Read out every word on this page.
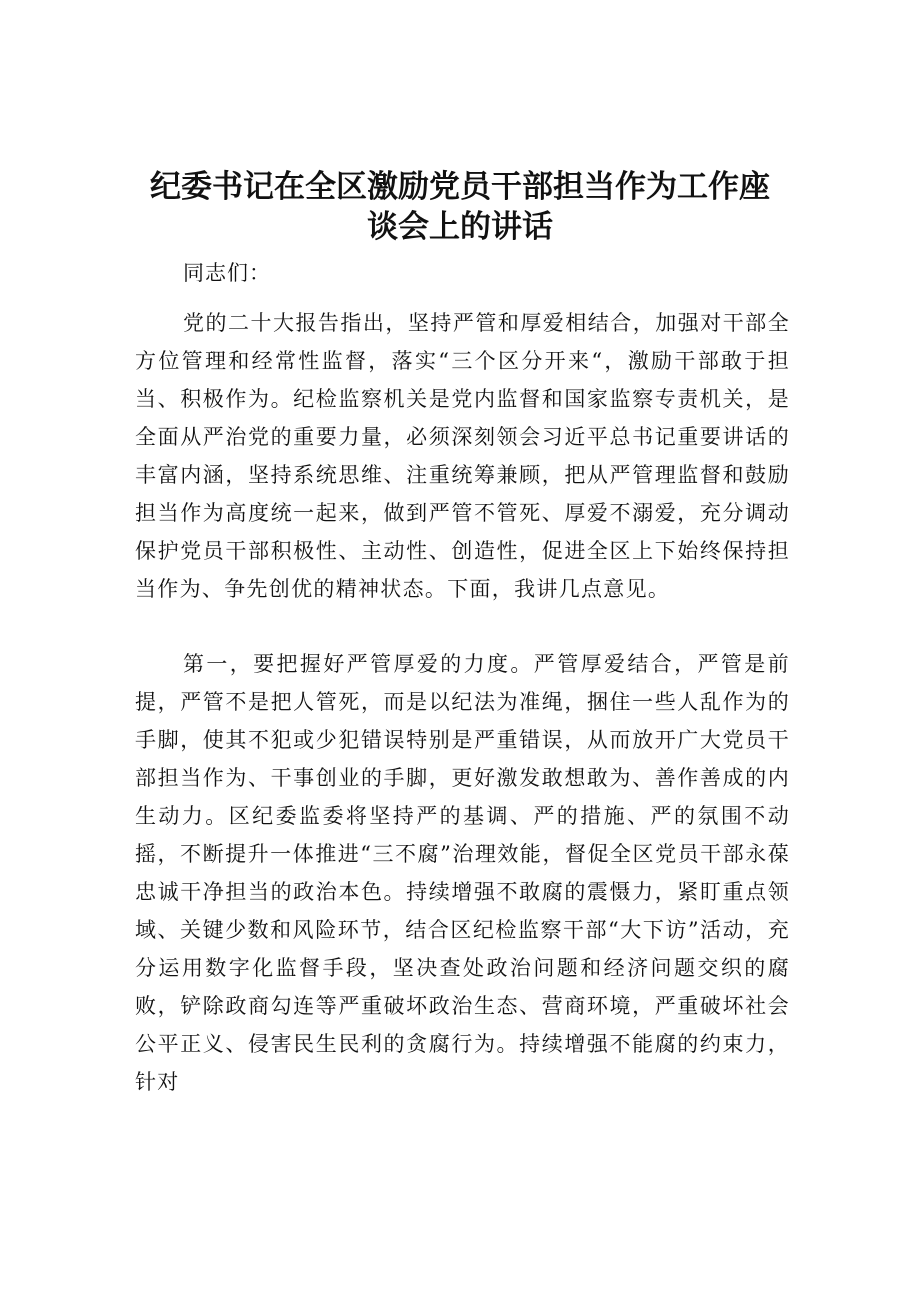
纪委书记在全区激励党员干部担当作为工作座
谈会上的讲话

同志们：

党的二十大报告指出，坚持严管和厚爱相结合，加强对干部全方位管理和经常性监督，落实“三个区分开来“，激励干部敢于担当、积极作为。纪检监察机关是党内监督和国家监察专责机关，是全面从严治党的重要力量，必须深刻领会习近平总书记重要讲话的丰富内涵，坚持系统思维、注重统筹兼顾，把从严管理监督和鼓励担当作为高度统一起来，做到严管不管死、厚爱不溺爱，充分调动保护党员干部积极性、主动性、创造性，促进全区上下始终保持担当作为、争先创优的精神状态。下面，我讲几点意见。

第一，要把握好严管厚爱的力度。严管厚爱结合，严管是前提，严管不是把人管死，而是以纪法为准绳，捆住一些人乱作为的手脚，使其不犯或少犯错误特别是严重错误，从而放开广大党员干部担当作为、干事创业的手脚，更好激发敢想敢为、善作善成的内生动力。区纪委监委将坚持严的基调、严的措施、严的氛围不动摇，不断提升一体推进“三不腐”治理效能，督促全区党员干部永葆忠诚干净担当的政治本色。持续增强不敢腐的震慑力，紧盯重点领域、关键少数和风险环节，结合区纪检监察干部“大下访”活动，充分运用数字化监督手段，坚决查处政治问题和经济问题交织的腐败，铲除政商勾连等严重破坏政治生态、营商环境，严重破坏社会公平正义、侵害民生民利的贪腐行为。持续增强不能腐的约束力，针对
